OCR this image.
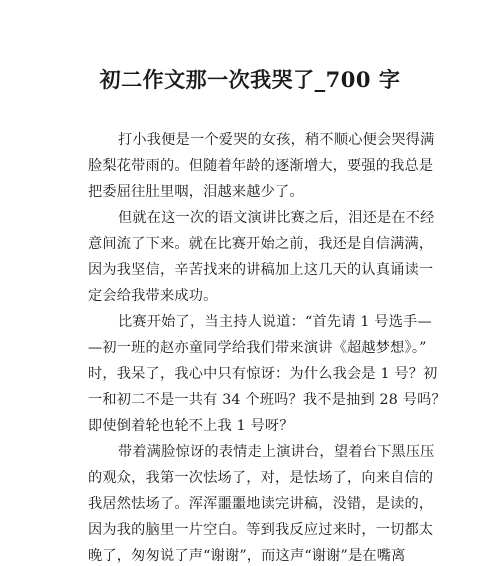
初二作文那一次我哭了_700 字
打小我便是一个爱哭的女孩，稍不顺心便会哭得满
脸梨花带雨的。但随着年龄的逐渐增大，要强的我总是
把委屈往肚里咽，泪越来越少了。
但就在这一次的语文演讲比赛之后，泪还是在不经
意间流了下来。就在比赛开始之前，我还是自信满满，
因为我坚信，辛苦找来的讲稿加上这几天的认真诵读一
定会给我带来成功。
比赛开始了，当主持人说道：“首先请 1 号选手—
—初一班的赵亦童同学给我们带来演讲《超越梦想》。”
时，我呆了，我心中只有惊讶：为什么我会是 1 号？初
一和初二不是一共有 34 个班吗？我不是抽到 28 号吗？
即使倒着轮也轮不上我 1 号呀？
带着满脸惊讶的表情走上演讲台，望着台下黑压压
的观众，我第一次怯场了，对，是怯场了，向来自信的
我居然怯场了。浑浑噩噩地读完讲稿，没错，是读的，
因为我的脑里一片空白。等到我反应过来时，一切都太
晚了，匆匆说了声“谢谢”，而这声“谢谢”是在嘴离
